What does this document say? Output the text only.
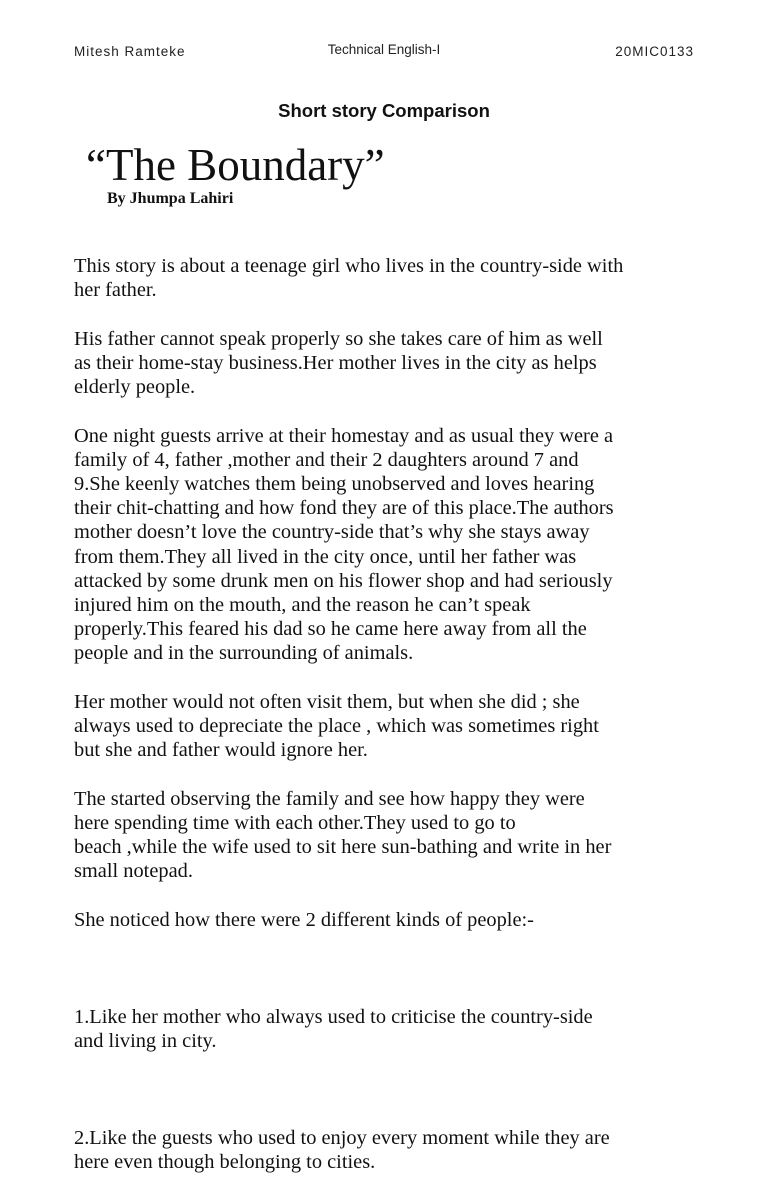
Mitesh Ramteke	Technical English-I	20MIC0133
Short story Comparison
“The Boundary”
By Jhumpa Lahiri

This story is about a teenage girl who lives in the country-side with
her father.

His father cannot speak properly so she takes care of him as well
as their home-stay business.Her mother lives in the city as helps
elderly people.

One night guests arrive at their homestay and as usual they were a
family of 4, father ,mother and their 2 daughters around 7 and
9.She keenly watches them being unobserved and loves hearing
their chit-chatting and how fond they are of this place.The authors
mother doesn’t love the country-side that’s why she stays away
from them.They all lived in the city once, until her father was
attacked by some drunk men on his flower shop and had seriously
injured him on the mouth, and the reason he can’t speak
properly.This feared his dad so he came here away from all the
people and in the surrounding of animals.

Her mother would not often visit them, but when she did ; she
always used to depreciate the place , which was sometimes right
but she and father would ignore her.

The started observing the family and see how happy they were
here spending time with each other.They used to go to
beach ,while the wife used to sit here sun-bathing and write in her
small notepad.

She noticed how there were 2 different kinds of people:-

1.Like her mother who always used to criticise the country-side
and living in city.

2.Like the guests who used to enjoy every moment while they are
here even though belonging to cities.
